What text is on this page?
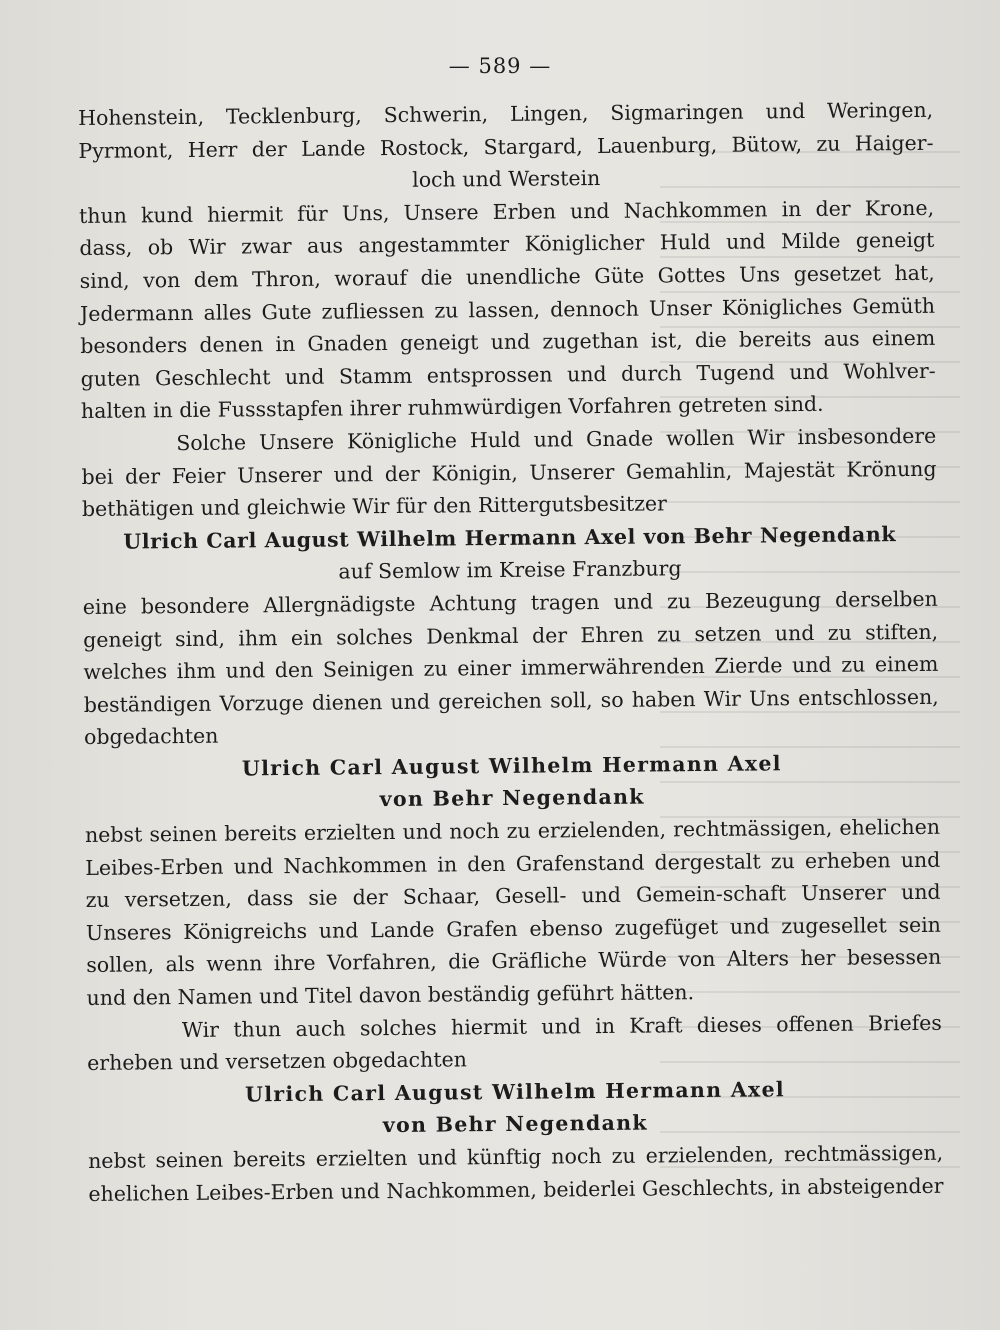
— 589 —
Hohenstein, Tecklenburg, Schwerin, Lingen, Sigmaringen und Weringen,
Pyrmont, Herr der Lande Rostock, Stargard, Lauenburg, Bütow, zu Haiger-
loch und Werstein
thun kund hiermit für Uns, Unsere Erben und Nachkommen in der Krone,
dass, ob Wir zwar aus angestammter Königlicher Huld und Milde geneigt
sind, von dem Thron, worauf die unendliche Güte Gottes Uns gesetzet hat,
Jedermann alles Gute zufliessen zu lassen, dennoch Unser Königliches Gemüth
besonders denen in Gnaden geneigt und zugethan ist, die bereits aus einem
guten Geschlecht und Stamm entsprossen und durch Tugend und Wohlver-
halten in die Fussstapfen ihrer ruhmwürdigen Vorfahren getreten sind.
Solche Unsere Königliche Huld und Gnade wollen Wir insbesondere
bei der Feier Unserer und der Königin, Unserer Gemahlin, Majestät Krönung
bethätigen und gleichwie Wir für den Rittergutsbesitzer
Ulrich Carl August Wilhelm Hermann Axel von Behr Negendank
auf Semlow im Kreise Franzburg
eine besondere Allergnädigste Achtung tragen und zu Bezeugung derselben
geneigt sind, ihm ein solches Denkmal der Ehren zu setzen und zu stiften,
welches ihm und den Seinigen zu einer immerwährenden Zierde und zu einem
beständigen Vorzuge dienen und gereichen soll, so haben Wir Uns entschlossen,
obgedachten
Ulrich Carl August Wilhelm Hermann Axel
von Behr Negendank
nebst seinen bereits erzielten und noch zu erzielenden, rechtmässigen, ehelichen
Leibes-Erben und Nachkommen in den Grafenstand dergestalt zu erheben und
zu versetzen, dass sie der Schaar, Gesell- und Gemein-schaft Unserer und
Unseres Königreichs und Lande Grafen ebenso zugefüget und zugesellet sein
sollen, als wenn ihre Vorfahren, die Gräfliche Würde von Alters her besessen
und den Namen und Titel davon beständig geführt hätten.
Wir thun auch solches hiermit und in Kraft dieses offenen Briefes
erheben und versetzen obgedachten
Ulrich Carl August Wilhelm Hermann Axel
von Behr Negendank
nebst seinen bereits erzielten und künftig noch zu erzielenden, rechtmässigen,
ehelichen Leibes-Erben und Nachkommen, beiderlei Geschlechts, in absteigender
